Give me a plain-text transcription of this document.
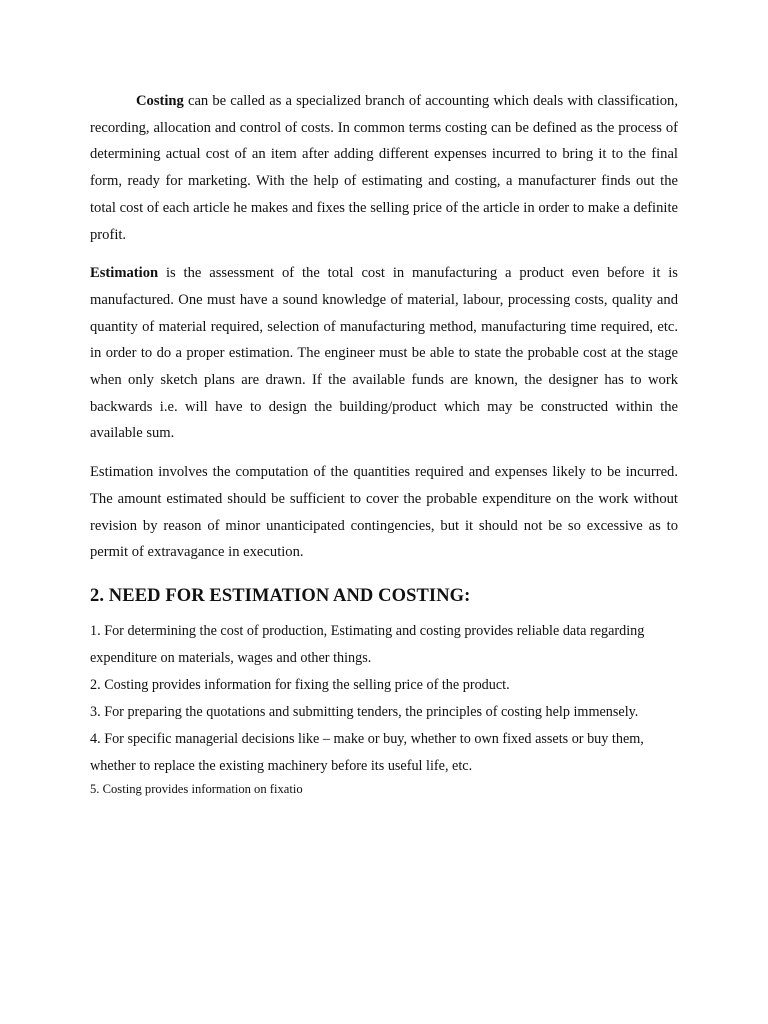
Costing can be called as a specialized branch of accounting which deals with classification, recording, allocation and control of costs. In common terms costing can be defined as the process of determining actual cost of an item after adding different expenses incurred to bring it to the final form, ready for marketing. With the help of estimating and costing, a manufacturer finds out the total cost of each article he makes and fixes the selling price of the article in order to make a definite profit.

Estimation is the assessment of the total cost in manufacturing a product even before it is manufactured. One must have a sound knowledge of material, labour, processing costs, quality and quantity of material required, selection of manufacturing method, manufacturing time required, etc. in order to do a proper estimation. The engineer must be able to state the probable cost at the stage when only sketch plans are drawn. If the available funds are known, the designer has to work backwards i.e. will have to design the building/product which may be constructed within the available sum.

Estimation involves the computation of the quantities required and expenses likely to be incurred. The amount estimated should be sufficient to cover the probable expenditure on the work without revision by reason of minor unanticipated contingencies, but it should not be so excessive as to permit of extravagance in execution.

2. NEED FOR ESTIMATION AND COSTING:
1. For determining the cost of production, Estimating and costing provides reliable data regarding expenditure on materials, wages and other things.
2. Costing provides information for fixing the selling price of the product.
3. For preparing the quotations and submitting tenders, the principles of costing help immensely.
4. For specific managerial decisions like – make or buy, whether to own fixed assets or buy them, whether to replace the existing machinery before its useful life, etc.
5. Costing provides information on fixatio
